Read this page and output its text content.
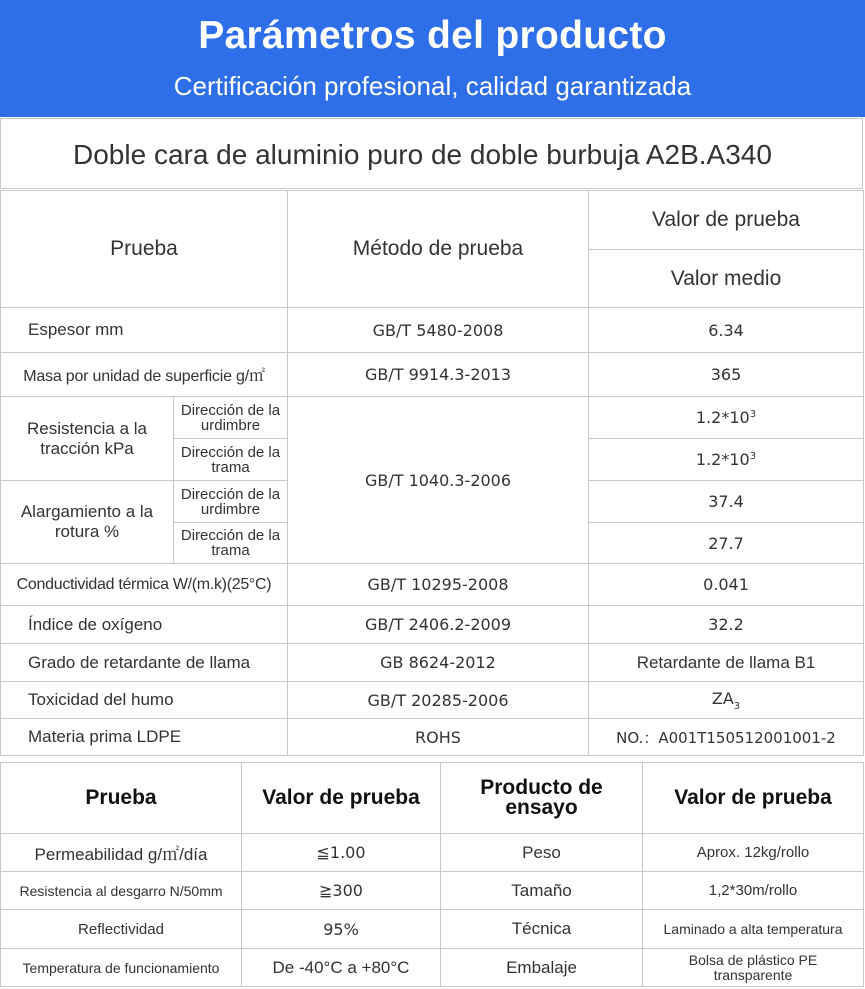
Parámetros del producto
Certificación profesional, calidad garantizada
Doble cara de aluminio puro de doble burbuja A2B.A340
Prueba		Método de prueba	Valor de prueba
			Valor medio
Espesor mm		GB/T 5480-2008	6.34
Masa por unidad de superficie g/㎡		GB/T 9914.3-2013	365
Resistencia a la tracción kPa	Dirección de la urdimbre	GB/T 1040.3-2006	$1.2*10^3$
	Dirección de la trama		$1.2*10^3$
Alargamiento a la rotura %	Dirección de la urdimbre		37.4
	Dirección de la trama		27.7
Conductividad térmica W/(m.k)(25°C)		GB/T 10295-2008	0.041
Índice de oxígeno		GB/T 2406.2-2009	32.2
Grado de retardante de llama		GB 8624-2012	Retardante de llama B1
Toxicidad del humo		GB/T 20285-2006	$ZA_3$
Materia prima LDPE		ROHS	NO.：A001T150512001001-2
Prueba	Valor de prueba	Producto de ensayo	Valor de prueba
Permeabilidad g/㎡/día	≦1.00	Peso	Aprox. 12kg/rollo
Resistencia al desgarro N/50mm	≧300	Tamaño	1,2*30m/rollo
Reflectividad	95%	Técnica	Laminado a alta temperatura
Temperatura de funcionamiento	De -40°C a +80°C	Embalaje	Bolsa de plástico PE transparente
